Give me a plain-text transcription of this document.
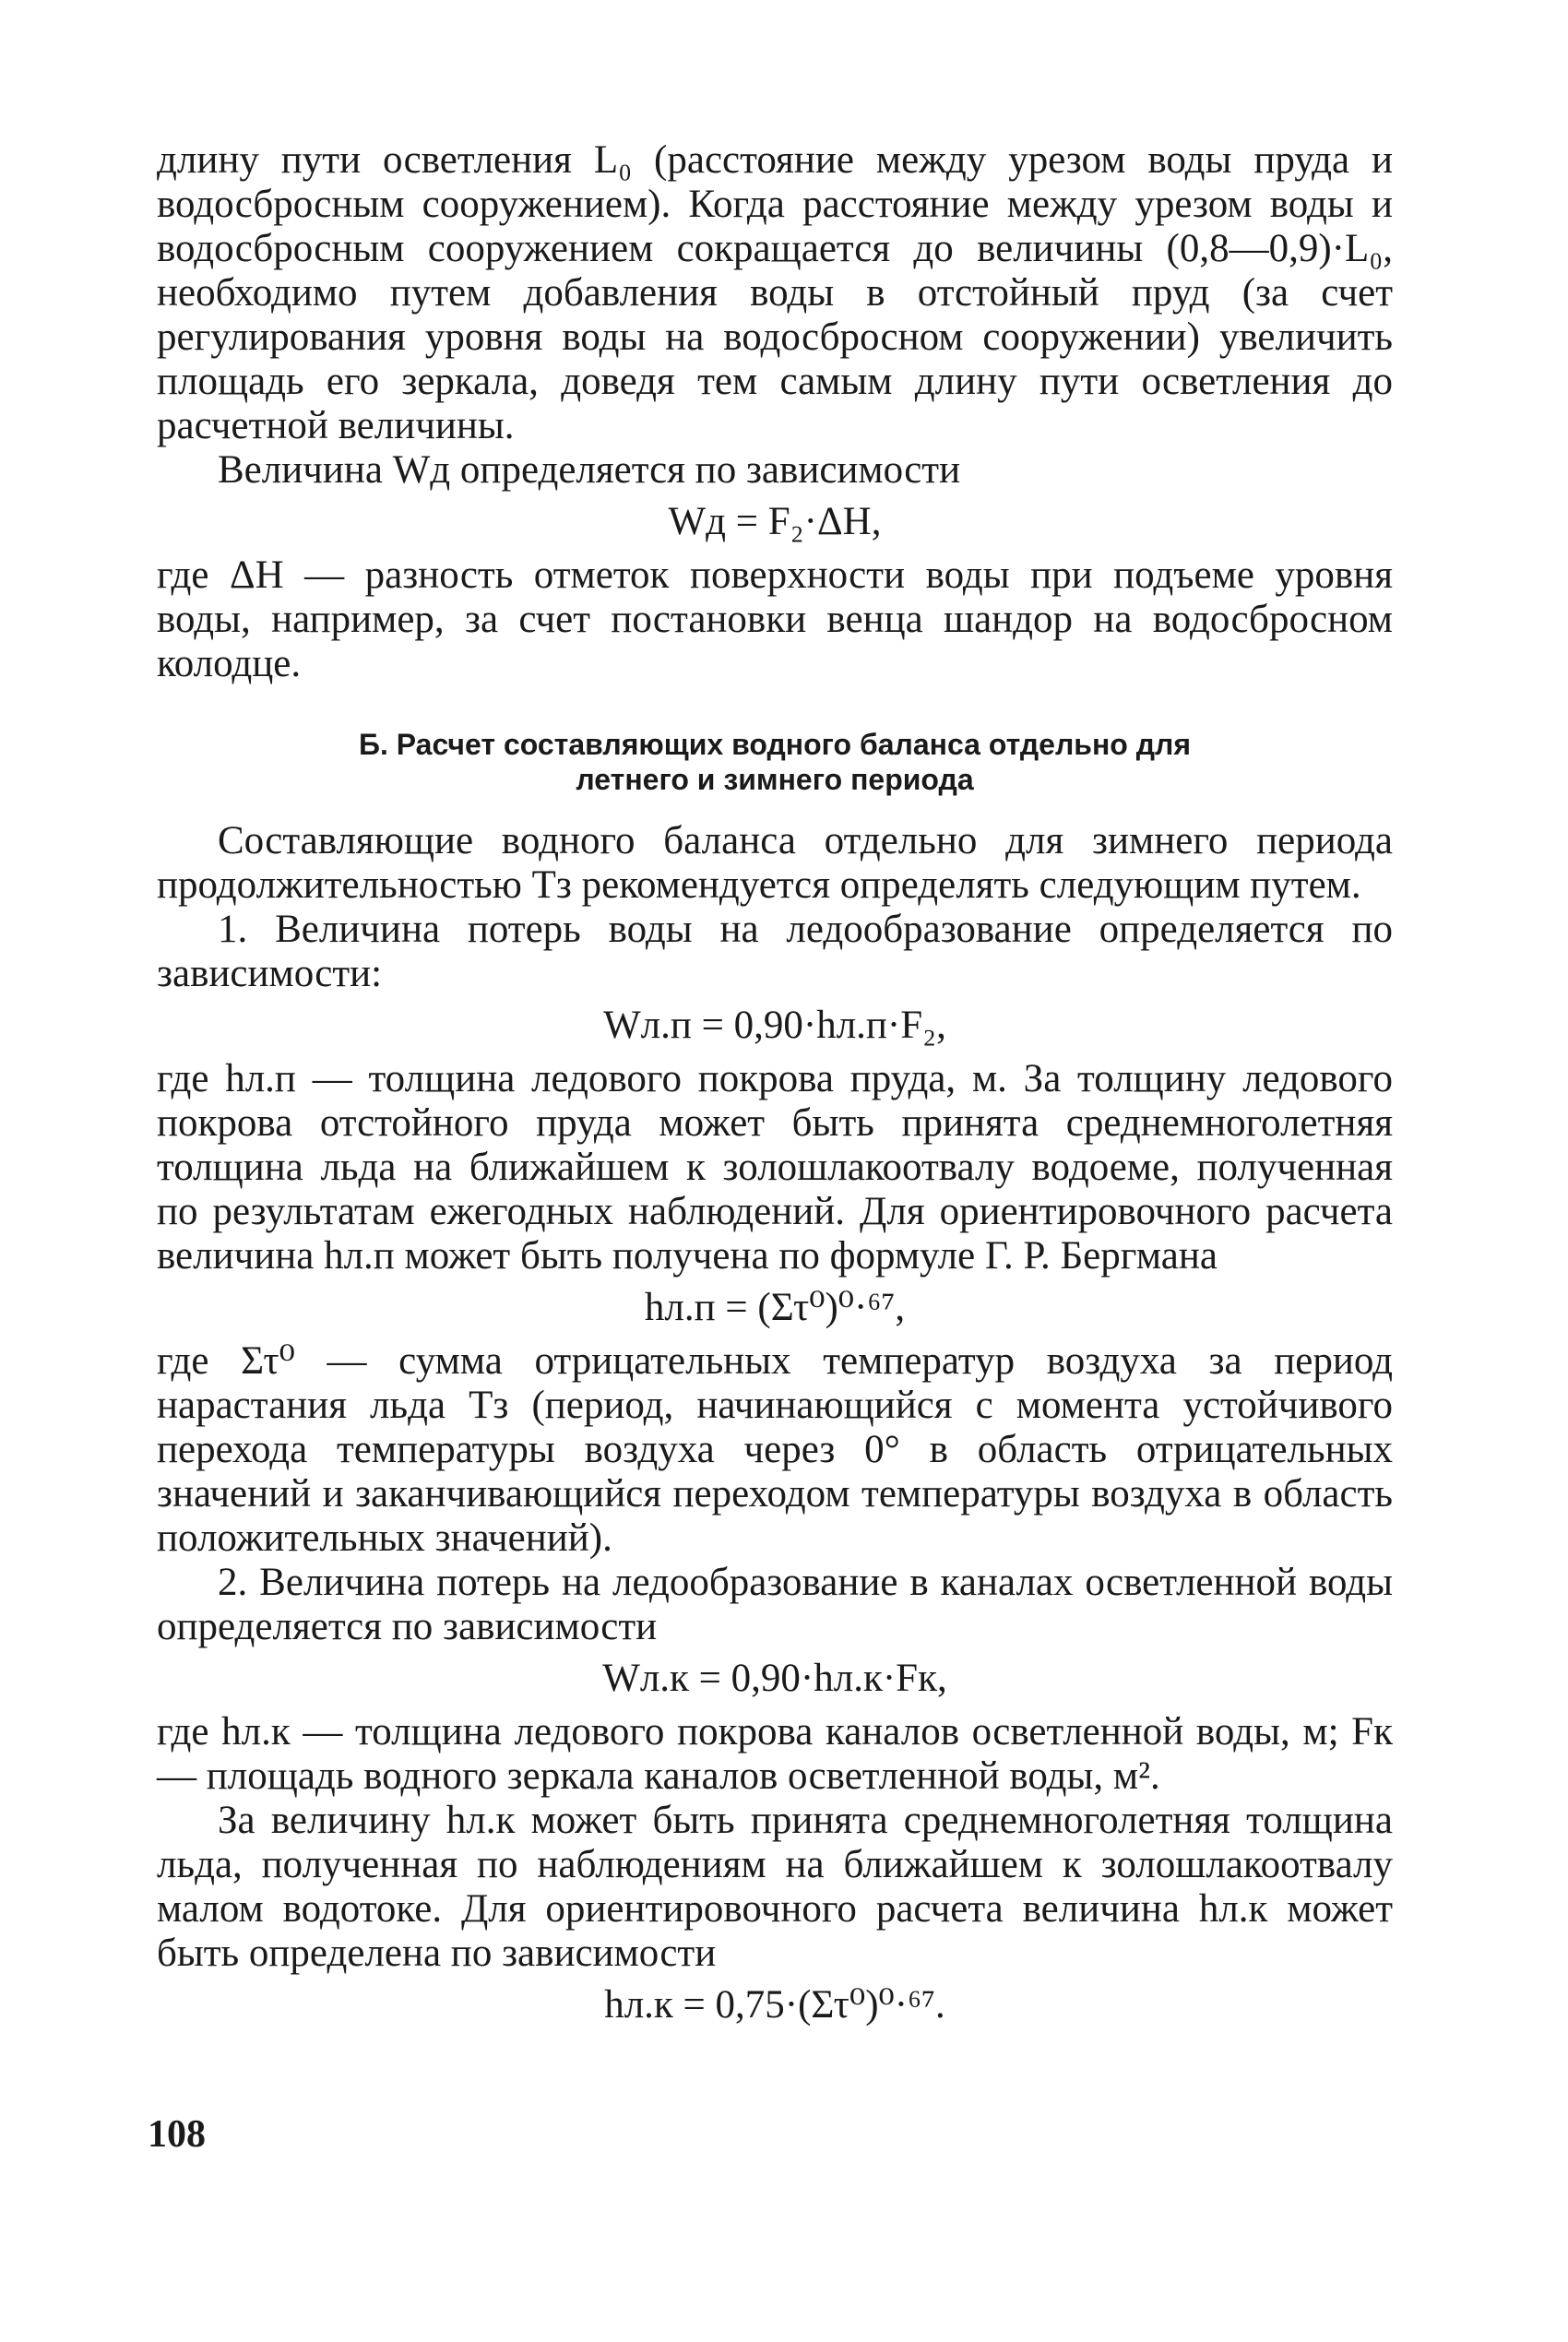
длину пути осветления L₀ (расстояние между урезом воды пруда и водосбросным сооружением). Когда расстояние между урезом воды и водосбросным сооружением сокращается до величины (0,8—0,9)·L₀, необходимо путем добавления воды в отстойный пруд (за счет регулирования уровня воды на водосбросном сооружении) увеличить площадь его зеркала, доведя тем самым длину пути осветления до расчетной величины.

Величина Wд определяется по зависимости

Wд = F₂·ΔH,

где ΔH — разность отметок поверхности воды при подъеме уровня воды, например, за счет постановки венца шандор на водосбросном колодце.

Б. Расчет составляющих водного баланса отдельно для
летнего и зимнего периода

Составляющие водного баланса отдельно для зимнего периода продолжительностью Tз рекомендуется определять следующим путем.

1. Величина потерь воды на ледообразование определяется по зависимости:

Wл.п = 0,90·hл.п·F₂,

где hл.п — толщина ледового покрова пруда, м. За толщину ледового покрова отстойного пруда может быть принята среднемноголетняя толщина льда на ближайшем к золошлакоотвалу водоеме, полученная по результатам ежегодных наблюдений. Для ориентировочного расчета величина hл.п может быть получена по формуле Г. Р. Бергмана

hл.п = (Στ⁰)⁰·⁶⁷,

где Στ⁰ — сумма отрицательных температур воздуха за период нарастания льда Tз (период, начинающийся с момента устойчивого перехода температуры воздуха через 0° в область отрицательных значений и заканчивающийся переходом температуры воздуха в область положительных значений).

2. Величина потерь на ледообразование в каналах осветленной воды определяется по зависимости

Wл.к = 0,90·hл.к·Fк,

где hл.к — толщина ледового покрова каналов осветленной воды, м; Fк — площадь водного зеркала каналов осветленной воды, м².

За величину hл.к может быть принята среднемноголетняя толщина льда, полученная по наблюдениям на ближайшем к золошлакоотвалу малом водотоке. Для ориентировочного расчета величина hл.к может быть определена по зависимости

hл.к = 0,75·(Στ⁰)⁰·⁶⁷.
108
